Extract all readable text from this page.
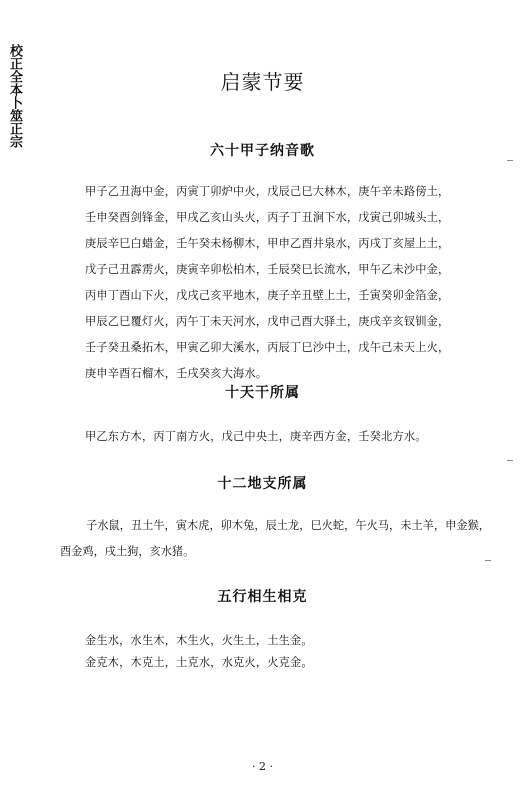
校正全本卜筮正宗	启蒙节要
六十甲子纳音歌
甲子乙丑海中金，丙寅丁卯炉中火，戊辰己巳大林木，庚午辛未路傍土，
壬申癸酉剑锋金，甲戌乙亥山头火，丙子丁丑涧下水，戊寅己卯城头土，
庚辰辛巳白蜡金，壬午癸未杨柳木，甲申乙酉井泉水，丙戌丁亥屋上土，
戊子己丑霹雳火，庚寅辛卯松柏木，壬辰癸巳长流水，甲午乙未沙中金，
丙申丁酉山下火，戊戌己亥平地木，庚子辛丑壁上土，壬寅癸卯金箔金，
甲辰乙巳覆灯火，丙午丁未天河水，戊申己酉大驿土，庚戌辛亥钗钏金，
壬子癸丑桑拓木，甲寅乙卯大溪水，丙辰丁巳沙中土，戊午己未天上火，
庚申辛酉石榴木，壬戌癸亥大海水。
十天干所属
甲乙东方木，丙丁南方火，戊己中央土，庚辛西方金，壬癸北方水。
十二地支所属
子水鼠，丑土牛，寅木虎，卯木兔，辰土龙，巳火蛇，午火马，未土羊，申金猴，酉金鸡，戌土狗，亥水猪。
五行相生相克
金生水，水生木，木生火，火生土，土生金。
金克木，木克土，土克水，水克火，火克金。
· 2 ·
